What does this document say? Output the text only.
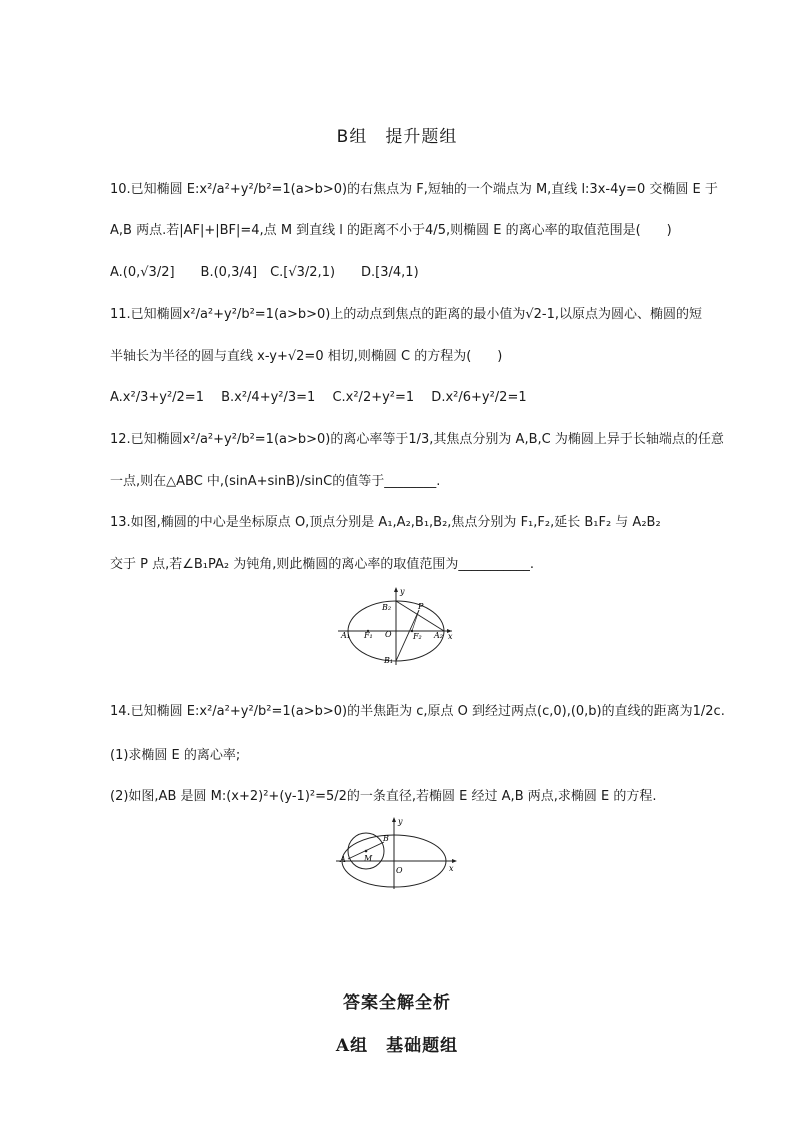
B组　提升题组
10.已知椭圆 E:x²/a²+y²/b²=1(a>b>0)的右焦点为 F,短轴的一个端点为 M,直线 l:3x-4y=0 交椭圆 E 于
A,B 两点.若|AF|+|BF|=4,点 M 到直线 l 的距离不小于4/5,则椭圆 E 的离心率的取值范围是(　　)
A.(0,√3/2]　　B.(0,3/4]　C.[√3/2,1)　　D.[3/4,1)
11.已知椭圆x²/a²+y²/b²=1(a>b>0)上的动点到焦点的距离的最小值为√2-1,以原点为圆心、椭圆的短
半轴长为半径的圆与直线 x-y+√2=0 相切,则椭圆 C 的方程为(　　)
A.x²/3+y²/2=1　 B.x²/4+y²/3=1　 C.x²/2+y²=1　 D.x²/6+y²/2=1
12.已知椭圆x²/a²+y²/b²=1(a>b>0)的离心率等于1/3,其焦点分别为 A,B,C 为椭圆上异于长轴端点的任意
一点,则在△ABC 中,(sinA+sinB)/sinC的值等于________.
13.如图,椭圆的中心是坐标原点 O,顶点分别是 A₁,A₂,B₁,B₂,焦点分别为 F₁,F₂,延长 B₁F₂ 与 A₂B₂
交于 P 点,若∠B₁PA₂ 为钝角,则此椭圆的离心率的取值范围为___________.
y
x
O
A₁	A₂
B₂
B₁
F₁	F₂
P
14.已知椭圆 E:x²/a²+y²/b²=1(a>b>0)的半焦距为 c,原点 O 到经过两点(c,0),(0,b)的直线的距离为1/2c.
(1)求椭圆 E 的离心率;
(2)如图,AB 是圆 M:(x+2)²+(y-1)²=5/2的一条直径,若椭圆 E 经过 A,B 两点,求椭圆 E 的方程.
y
x
O
A
B
M
答案全解全析
A组　基础题组
